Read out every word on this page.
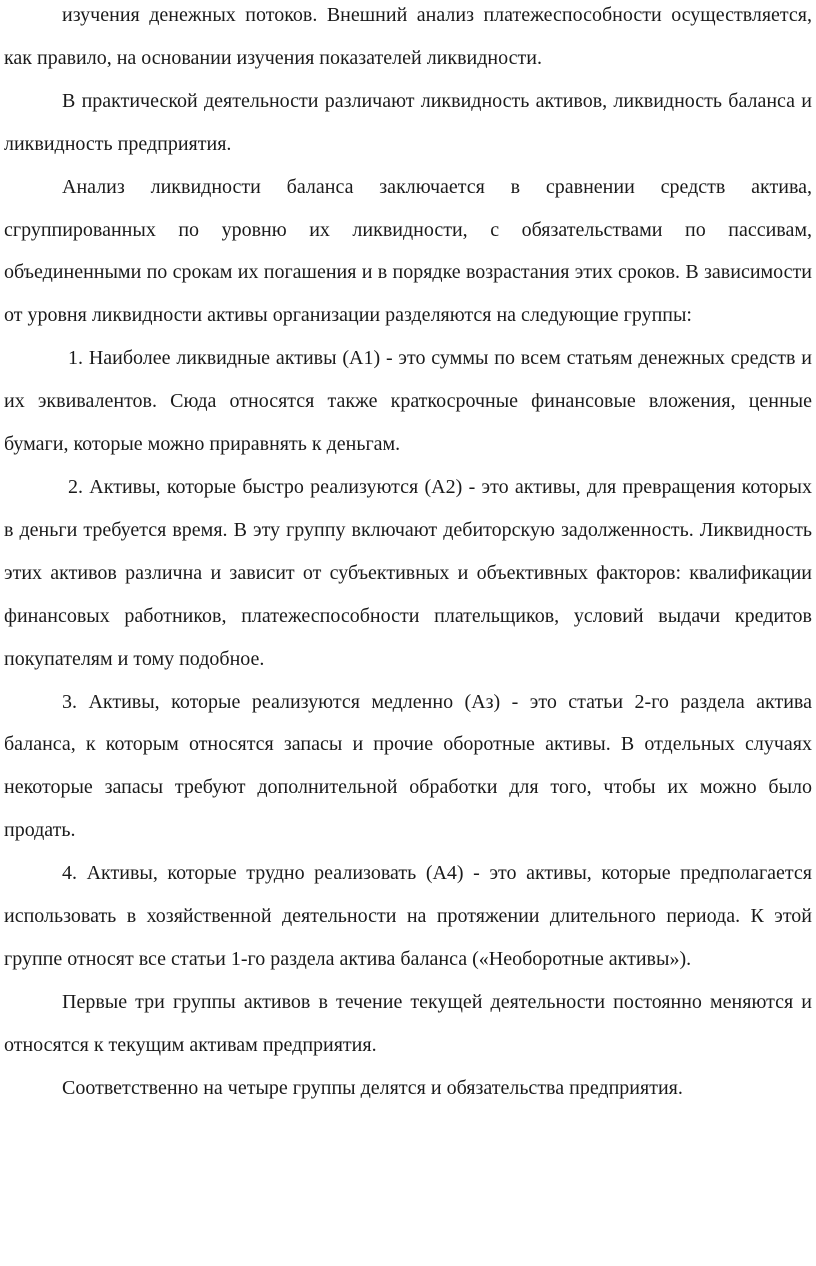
изучения денежных потоков. Внешний анализ платежеспособности осуществляется, как правило, на основании изучения показателей ликвидности.

В практической деятельности различают ликвидность активов, ликвидность баланса и ликвидность предприятия.

Анализ ликвидности баланса заключается в сравнении средств актива, сгруппированных по уровню их ликвидности, с обязательствами по пассивам, объединенными по срокам их погашения и в порядке возрастания этих сроков. В зависимости от уровня ликвидности активы организации разделяются на следующие группы:

1. Наиболее ликвидные активы (А1) - это суммы по всем статьям денежных средств и их эквивалентов. Сюда относятся также краткосрочные финансовые вложения, ценные бумаги, которые можно приравнять к деньгам.

2. Активы, которые быстро реализуются (А2) - это активы, для превращения которых в деньги требуется время. В эту группу включают дебиторскую задолженность. Ликвидность этих активов различна и зависит от субъективных и объективных факторов: квалификации финансовых работников, платежеспособности плательщиков, условий выдачи кредитов покупателям и тому подобное.

3. Активы, которые реализуются медленно (Аз) - это статьи 2-го раздела актива баланса, к которым относятся запасы и прочие оборотные активы. В отдельных случаях некоторые запасы требуют дополнительной обработки для того, чтобы их можно было продать.

4. Активы, которые трудно реализовать (А4) - это активы, которые предполагается использовать в хозяйственной деятельности на протяжении длительного периода. К этой группе относят все статьи 1-го раздела актива баланса («Необоротные активы»).

Первые три группы активов в течение текущей деятельности постоянно меняются и относятся к текущим активам предприятия.

Соответственно на четыре группы делятся и обязательства предприятия.
